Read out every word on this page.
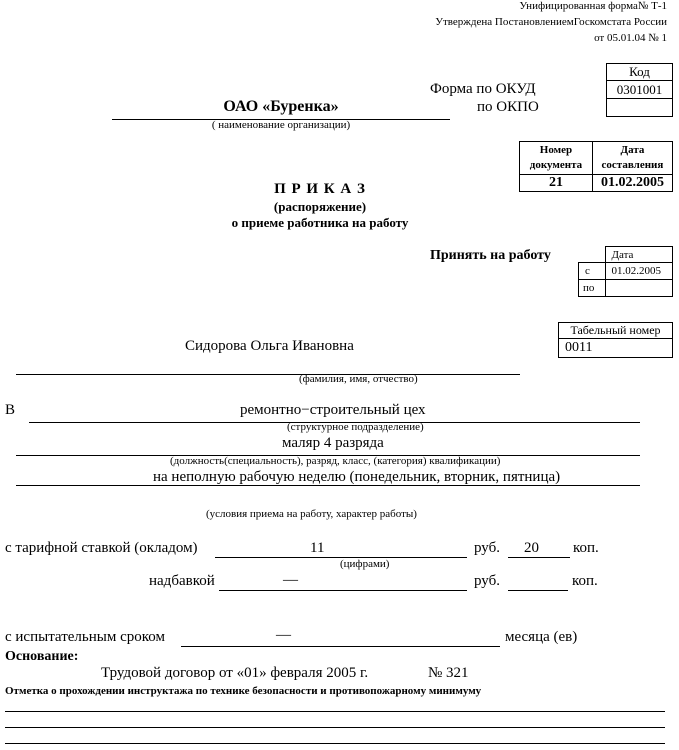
Унифицированная форма№ Т-1
Утверждена ПостановлениемГоскомстата России
от 05.01.04 № 1
Код
0301001

Форма по ОКУД
по ОКПО
ОАО «Буренка»
( наименование организации)
Номер документа	Дата составления
21	01.02.2005
П Р И К А З
(распоряжение)
о приеме работника на работу
Принять на работу
		Дата
с	01.02.2005
по	
Табельный номер
0011
Сидорова Ольга Ивановна
(фамилия, имя, отчество)
В	ремонтно−строительный цех
(структурное подразделение)
маляр 4 разряда
(должность(специальность), разряд, класс, (категория) квалификации)
на неполную рабочую неделю (понедельник, вторник, пятница)
(условия приема на работу, характер работы)
с тарифной ставкой (окладом)	11	руб. 20 коп.
(цифрами)
надбавкой	—	руб.	коп.
с испытательным сроком	—	месяца (ев)
Основание:
Трудовой договор от «01» февраля 2005 г.	№ 321
Отметка о прохождении инструктажа по технике безопасности и противопожарному минимуму
